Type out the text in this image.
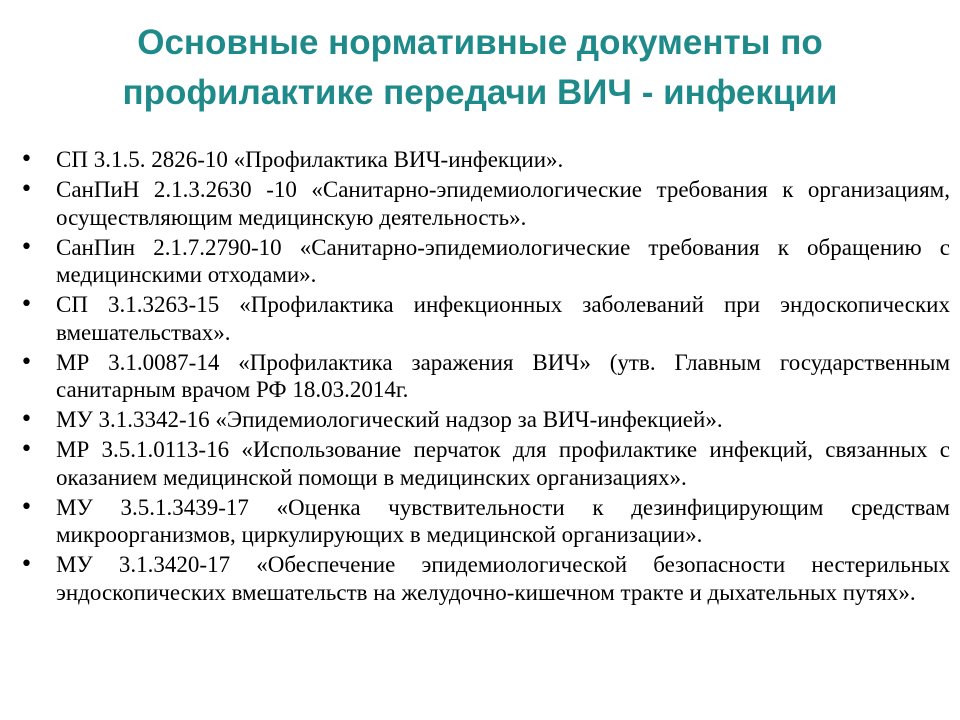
Основные нормативные документы по
профилактике передачи ВИЧ - инфекции
•	СП 3.1.5. 2826-10 «Профилактика ВИЧ-инфекции».
•	СанПиН 2.1.3.2630 -10 «Санитарно-эпидемиологические требования к организациям, осуществляющим медицинскую деятельность».
•	СанПин 2.1.7.2790-10 «Санитарно-эпидемиологические требования к обращению с медицинскими отходами».
•	СП 3.1.3263-15 «Профилактика инфекционных заболеваний при эндоскопических вмешательствах».
•	МР 3.1.0087-14 «Профилактика заражения ВИЧ» (утв. Главным государственным санитарным врачом РФ 18.03.2014г.
•	МУ 3.1.3342-16 «Эпидемиологический надзор за ВИЧ-инфекцией».
•	МР 3.5.1.0113-16 «Использование перчаток для профилактике инфекций, связанных с оказанием медицинской помощи в медицинских организациях».
•	МУ 3.5.1.3439-17 «Оценка чувствительности к дезинфицирующим средствам микроорганизмов, циркулирующих в медицинской организации».
•	МУ 3.1.3420-17 «Обеспечение эпидемиологической безопасности нестерильных эндоскопических вмешательств на желудочно-кишечном тракте и дыхательных путях».
